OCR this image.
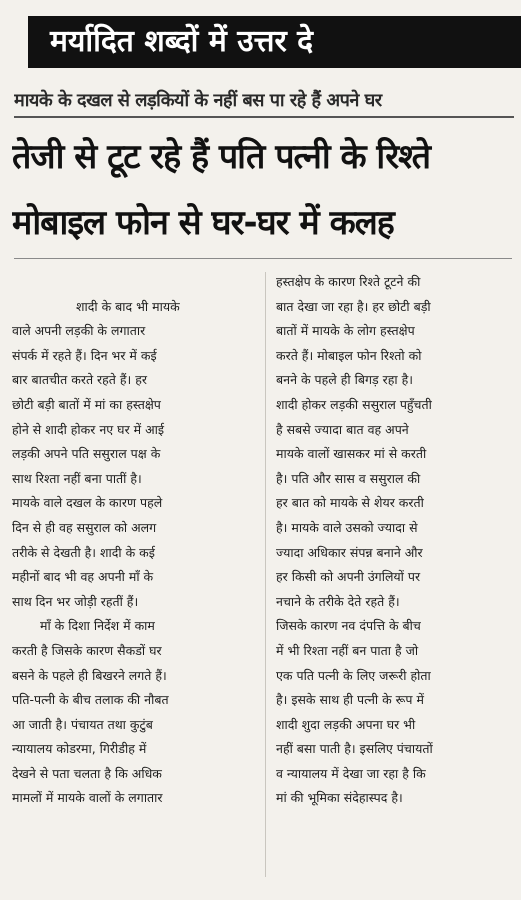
मर्यादित शब्दों में उत्तर दे
मायके के दखल से लड़कियों के नहीं बस पा रहे हैं अपने घर
तेजी से टूट रहे हैं पति पत्नी के रिश्ते
मोबाइल फोन से घर-घर में कलह
शादी के बाद भी मायके
वाले अपनी लड़की के लगातार
संपर्क में रहते हैं। दिन भर में कई
बार बातचीत करते रहते हैं। हर
छोटी बड़ी बातों में मां का हस्तक्षेप
होने से शादी होकर नए घर में आई
लड़की अपने पति ससुराल पक्ष के
साथ रिश्ता नहीं बना पातीं है।
मायके वाले दखल के कारण पहले
दिन से ही वह ससुराल को अलग
तरीके से देखती है। शादी के कई
महीनों बाद भी वह अपनी माँ के
साथ दिन भर जोड़ी रहतीं हैं।
माँ के दिशा निर्देश में काम
करती है जिसके कारण सैकडों घर
बसने के पहले ही बिखरने लगते हैं।
पति-पत्नी के बीच तलाक की नौबत
आ जाती है। पंचायत तथा कुटुंब
न्यायालय कोडरमा, गिरीडीह में
देखने से पता चलता है कि अधिक
मामलों में मायके वालों के लगातार
हस्तक्षेप के कारण रिश्ते टूटने की
बात देखा जा रहा है। हर छोटी बड़ी
बातों में मायके के लोग हस्तक्षेप
करते हैं। मोबाइल फोन रिश्तो को
बनने के पहले ही बिगड़ रहा है।
शादी होकर लड़की ससुराल पहुँचती
है सबसे ज्यादा बात वह अपने
मायके वालों खासकर मां से करती
है। पति और सास व ससुराल की
हर बात को मायके से शेयर करती
है। मायके वाले उसको ज्यादा से
ज्यादा अधिकार संपन्न बनाने और
हर किसी को अपनी उंगलियों पर
नचाने के तरीके देते रहते हैं।
जिसके कारण नव दंपत्ति के बीच
में भी रिश्ता नहीं बन पाता है जो
एक पति पत्नी के लिए जरूरी होता
है। इसके साथ ही पत्नी के रूप में
शादी शुदा लड़की अपना घर भी
नहीं बसा पाती है। इसलिए पंचायतों
व न्यायालय में देखा जा रहा है कि
मां की भूमिका संदेहास्पद है।
